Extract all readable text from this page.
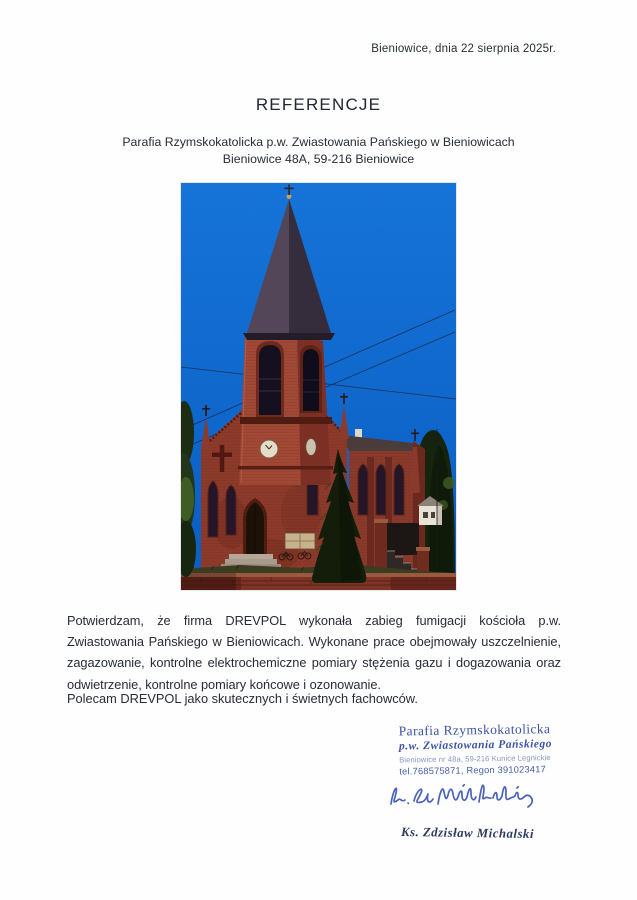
Bieniowice, dnia 22 sierpnia 2025r.
REFERENCJE
Parafia Rzymskokatolicka p.w. Zwiastowania Pańskiego w Bieniowicach
Bieniowice 48A, 59-216 Bieniowice
Potwierdzam, że firma DREVPOL wykonała zabieg fumigacji kościoła p.w. Zwiastowania Pańskiego w Bieniowicach. Wykonane prace obejmowały uszczelnienie, zagazowanie, kontrolne elektrochemiczne pomiary stężenia gazu i dogazowania oraz odwietrzenie, kontrolne pomiary końcowe i ozonowanie.
Polecam DREVPOL jako skutecznych i świetnych fachowców.
Parafia Rzymskokatolicka
p.w. Zwiastowania Pańskiego
Bieniowice nr 48a, 59-216 Kunice Legnickie
tel.768575871, Regon 391023417
Ks. Zdzisław Michalski
